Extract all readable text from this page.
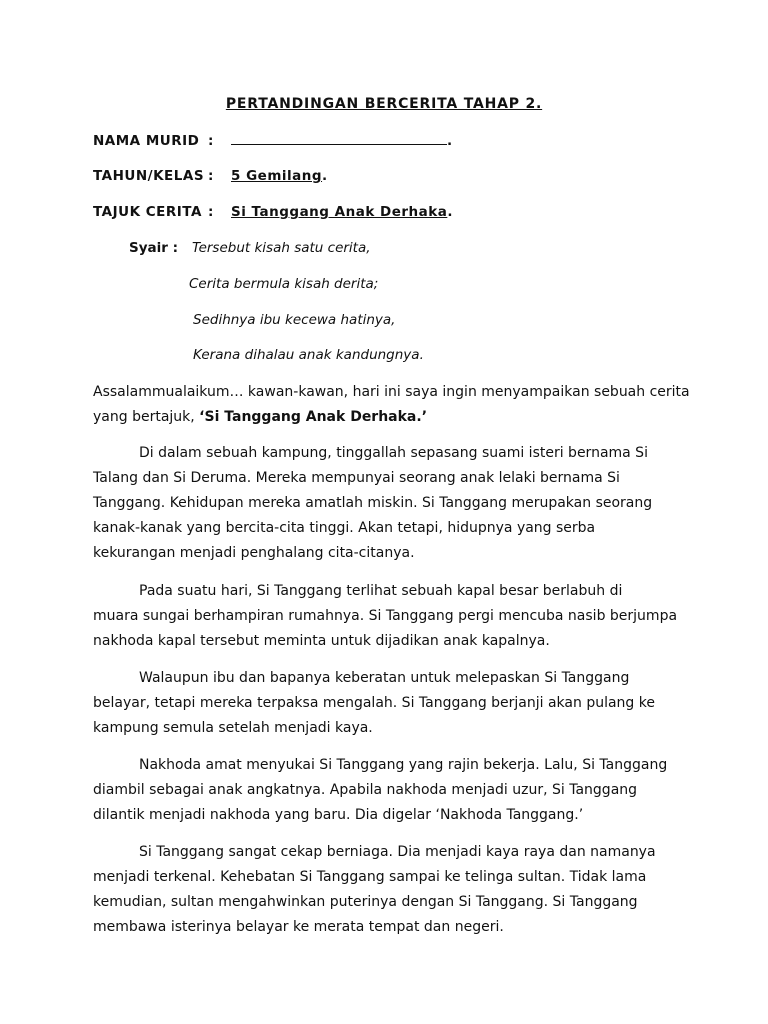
PERTANDINGAN BERCERITA TAHAP 2.
NAMA MURID :	.
TAHUN/KELAS : 5 Gemilang.
TAJUK CERITA : Si Tanggang Anak Derhaka.
Syair : Tersebut kisah satu cerita,
Cerita bermula kisah derita;
Sedihnya ibu kecewa hatinya,
Kerana dihalau anak kandungnya.
Assalammualaikum… kawan-kawan, hari ini saya ingin menyampaikan sebuah cerita
yang bertajuk, ‘Si Tanggang Anak Derhaka.’
Di dalam sebuah kampung, tinggallah sepasang suami isteri bernama Si
Talang dan Si Deruma. Mereka mempunyai seorang anak lelaki bernama Si
Tanggang. Kehidupan mereka amatlah miskin. Si Tanggang merupakan seorang
kanak-kanak yang bercita-cita tinggi. Akan tetapi, hidupnya yang serba
kekurangan menjadi penghalang cita-citanya.
Pada suatu hari, Si Tanggang terlihat sebuah kapal besar berlabuh di
muara sungai berhampiran rumahnya. Si Tanggang pergi mencuba nasib berjumpa
nakhoda kapal tersebut meminta untuk dijadikan anak kapalnya.
Walaupun ibu dan bapanya keberatan untuk melepaskan Si Tanggang
belayar, tetapi mereka terpaksa mengalah. Si Tanggang berjanji akan pulang ke
kampung semula setelah menjadi kaya.
Nakhoda amat menyukai Si Tanggang yang rajin bekerja. Lalu, Si Tanggang
diambil sebagai anak angkatnya. Apabila nakhoda menjadi uzur, Si Tanggang
dilantik menjadi nakhoda yang baru. Dia digelar ‘Nakhoda Tanggang.’
Si Tanggang sangat cekap berniaga. Dia menjadi kaya raya dan namanya
menjadi terkenal. Kehebatan Si Tanggang sampai ke telinga sultan. Tidak lama
kemudian, sultan mengahwinkan puterinya dengan Si Tanggang. Si Tanggang
membawa isterinya belayar ke merata tempat dan negeri.
